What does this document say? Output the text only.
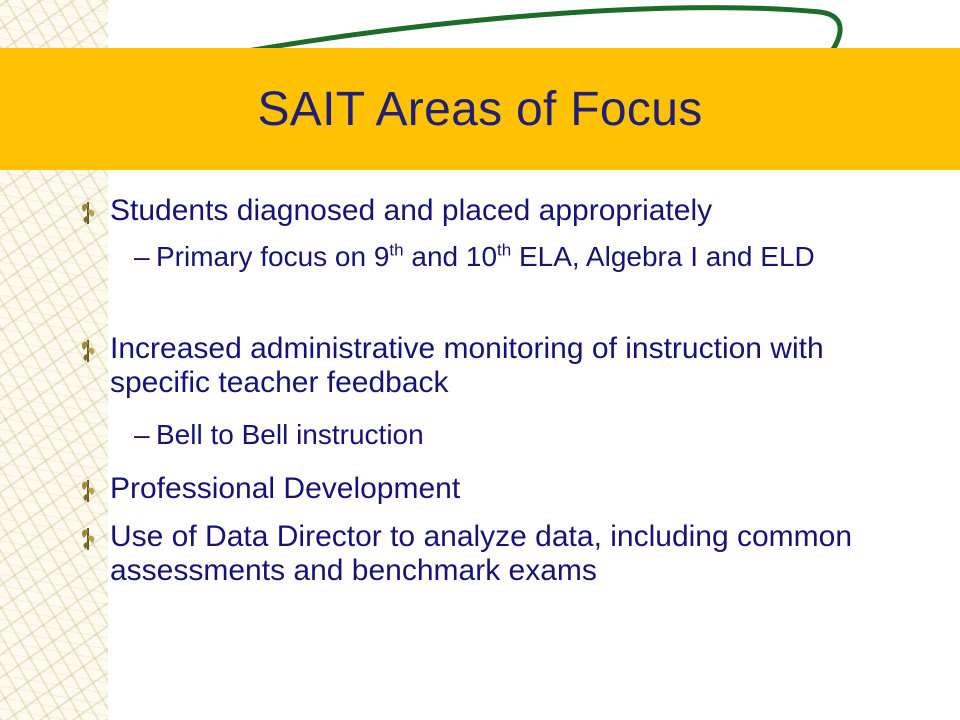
SAIT Areas of Focus
Students diagnosed and placed appropriately
– Primary focus on 9th and 10th ELA, Algebra I and ELD
Increased administrative monitoring of instruction with specific teacher feedback
– Bell to Bell instruction
Professional Development
Use of Data Director to analyze data, including common assessments and benchmark exams
